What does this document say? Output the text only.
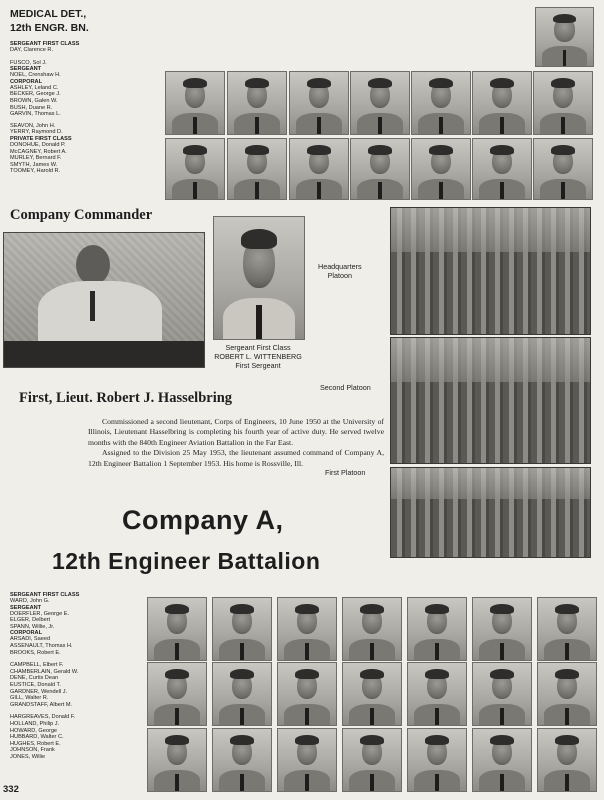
MEDICAL DET.,
12th ENGR. BN.
SERGEANT FIRST CLASS
DAY, Clarence R.
FUSCO, Sol J.
SERGEANT
NOEL, Crenshaw H.
CORPORAL
ASHLEY, Leland C.
BECKER, George J.
BROWN, Galen W.
BUSH, Duane R.
GARVIN, Thomas L.
SEAVON, John H.
YERRY, Raymond D.
PRIVATE FIRST CLASS
DONOHUE, Donald P.
McCAGNEY, Robert A.
MURLEY, Bernard F.
SMYTH, James W.
TOOMEY, Harold R.
Company Commander
Sergeant First Class
ROBERT L. WITTENBERG
First Sergeant
Headquarters
Platoon
Second Platoon
First Platoon
First, Lieut. Robert J. Hasselbring
Commissioned a second lieutenant, Corps of Engineers, 10 June 1950 at the University of Illinois, Lieutenant Hasselbring is completing his fourth year of active duty. He served twelve months with the 840th Engineer Aviation Battalion in the Far East.
Assigned to the Division 25 May 1953, the lieutenant assumed command of Company A, 12th Engineer Battalion 1 September 1953. His home is Rossville, Ill.
Company A,
12th Engineer Battalion
SERGEANT FIRST CLASS
WARD, John G.
SERGEANT
DOERFLER, George E.
ELGER, Delbert
SPANN, Willie, Jr.
CORPORAL
ARSADI, Saeed
ASSENAULT, Thomas H.
BROOKS, Robert E.
CAMPBELL, Elbert F.
CHAMBERLAIN, Gerald W.
DENE, Curtis Dean
EUSTICE, Donald T.
GARDNER, Wendell J.
GILL, Walter R.
GRANDSTAFF, Albert M.
HARGREAVES, Donald F.
HOLLAND, Philip J.
HOWARD, George
HUBBARD, Walter C.
HUGHES, Robert E.
JOHNSON, Frank
JONES, Willie
332
